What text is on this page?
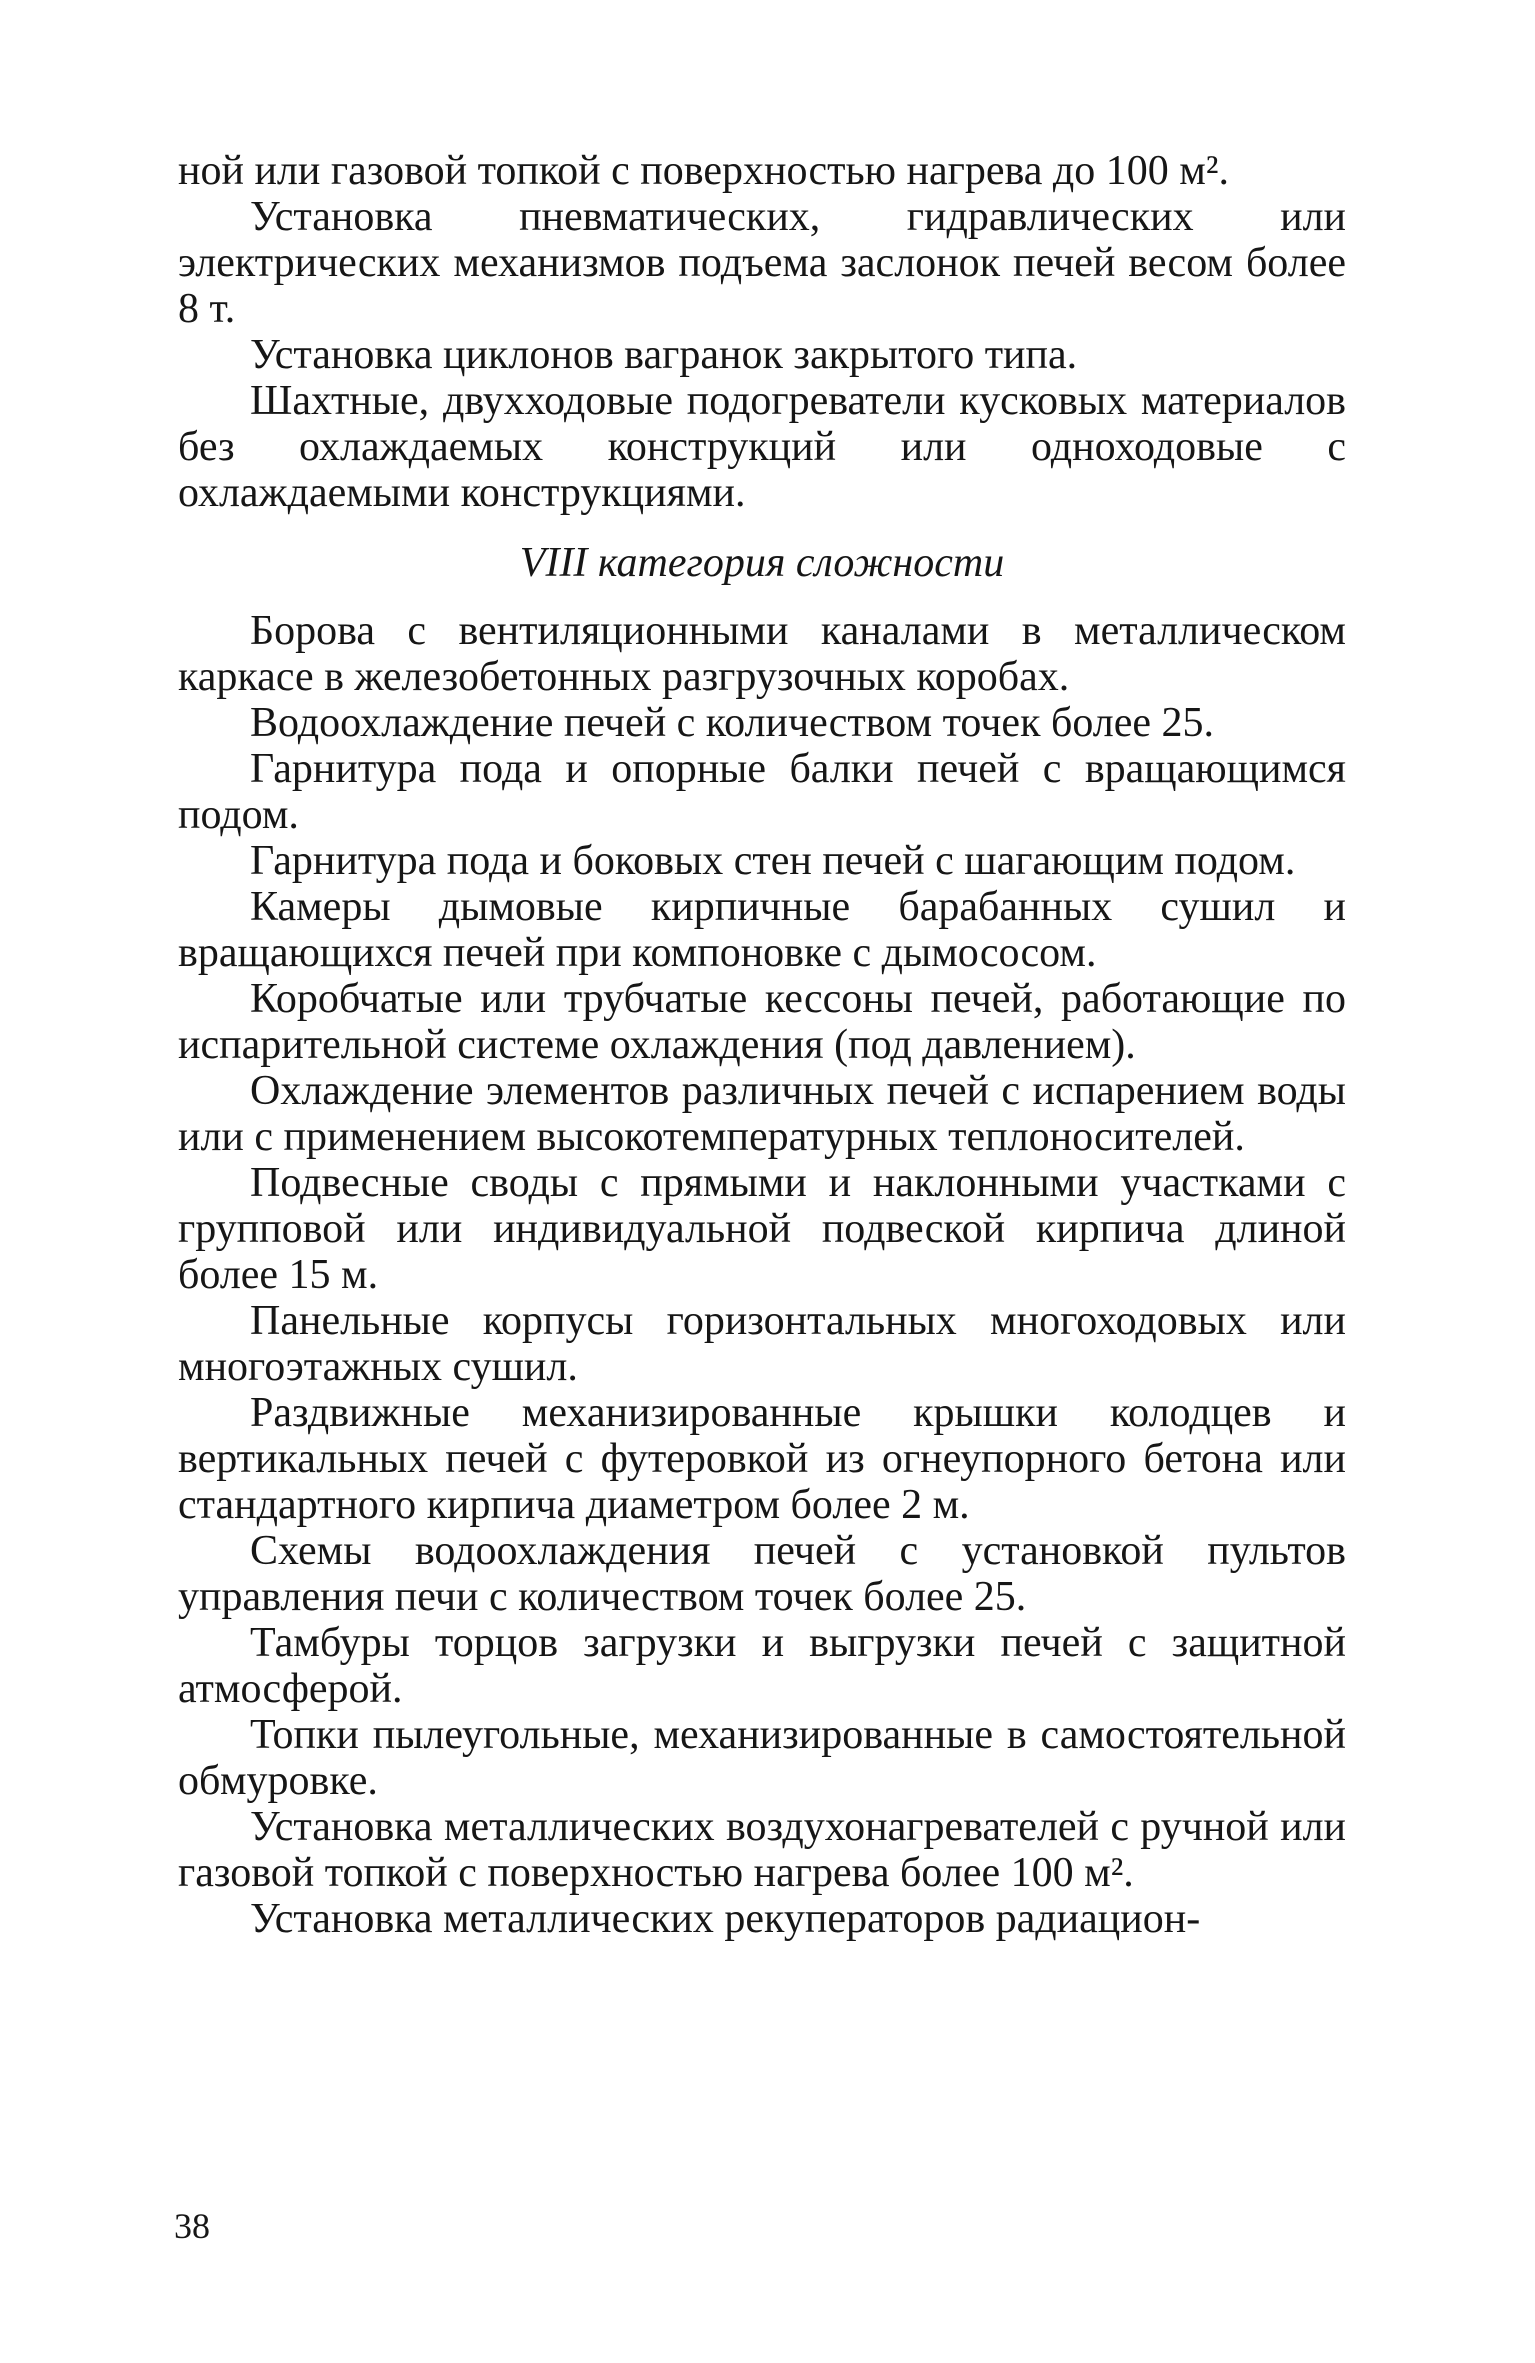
ной или газовой топкой с поверхностью нагрева до 100 м².

Установка пневматических, гидравлических или электрических механизмов подъема заслонок печей весом более 8 т.

Установка циклонов вагранок закрытого типа.

Шахтные, двухходовые подогреватели кусковых материалов без охлаждаемых конструкций или одноходовые с охлаждаемыми конструкциями.

VIII категория сложности

Борова с вентиляционными каналами в металлическом каркасе в железобетонных разгрузочных коробах.

Водоохлаждение печей с количеством точек более 25.

Гарнитура пода и опорные балки печей с вращающимся подом.

Гарнитура пода и боковых стен печей с шагающим подом.

Камеры дымовые кирпичные барабанных сушил и вращающихся печей при компоновке с дымососом.

Коробчатые или трубчатые кессоны печей, работающие по испарительной системе охлаждения (под давлением).

Охлаждение элементов различных печей с испарением воды или с применением высокотемпературных теплоносителей.

Подвесные своды с прямыми и наклонными участками с групповой или индивидуальной подвеской кирпича длиной более 15 м.

Панельные корпусы горизонтальных многоходовых или многоэтажных сушил.

Раздвижные механизированные крышки колодцев и вертикальных печей с футеровкой из огнеупорного бетона или стандартного кирпича диаметром более 2 м.

Схемы водоохлаждения печей с установкой пультов управления печи с количеством точек более 25.

Тамбуры торцов загрузки и выгрузки печей с защитной атмосферой.

Топки пылеугольные, механизированные в самостоятельной обмуровке.

Установка металлических воздухонагревателей с ручной или газовой топкой с поверхностью нагрева более 100 м².

Установка металлических рекуператоров радиацион-

38
